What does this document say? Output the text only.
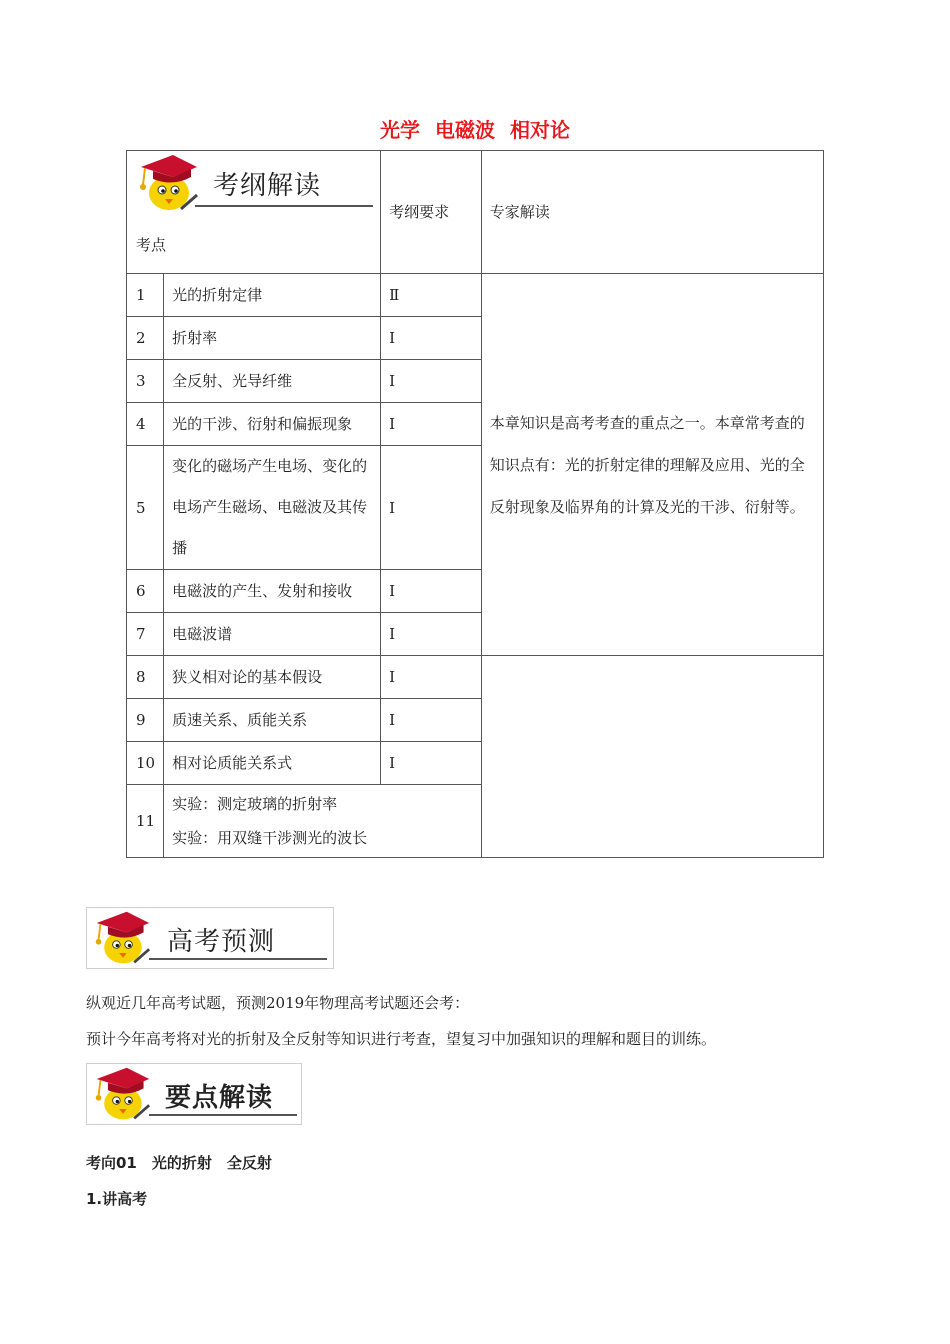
光学 电磁波 相对论
考纲解读
考点		考纲要求	专家解读
1	光的折射定律	Ⅱ	本章知识是高考考查的重点之一。本章常考查的知识点有：光的折射定律的理解及应用、光的全反射现象及临界角的计算及光的干涉、衍射等。
2	折射率	Ⅰ	
3	全反射、光导纤维	Ⅰ	
4	光的干涉、衍射和偏振现象	Ⅰ	
5	变化的磁场产生电场、变化的电场产生磁场、电磁波及其传播	Ⅰ	
6	电磁波的产生、发射和接收	Ⅰ	
7	电磁波谱	Ⅰ	
8	狭义相对论的基本假设	Ⅰ	
9	质速关系、质能关系	Ⅰ	
10	相对论质能关系式	Ⅰ	
11	实验：测定玻璃的折射率
实验：用双缝干涉测光的波长		
高考预测
纵观近几年高考试题，预测2019年物理高考试题还会考：
预计今年高考将对光的折射及全反射等知识进行考查，望复习中加强知识的理解和题目的训练。
要点解读
考向01　光的折射　全反射
1.讲高考
